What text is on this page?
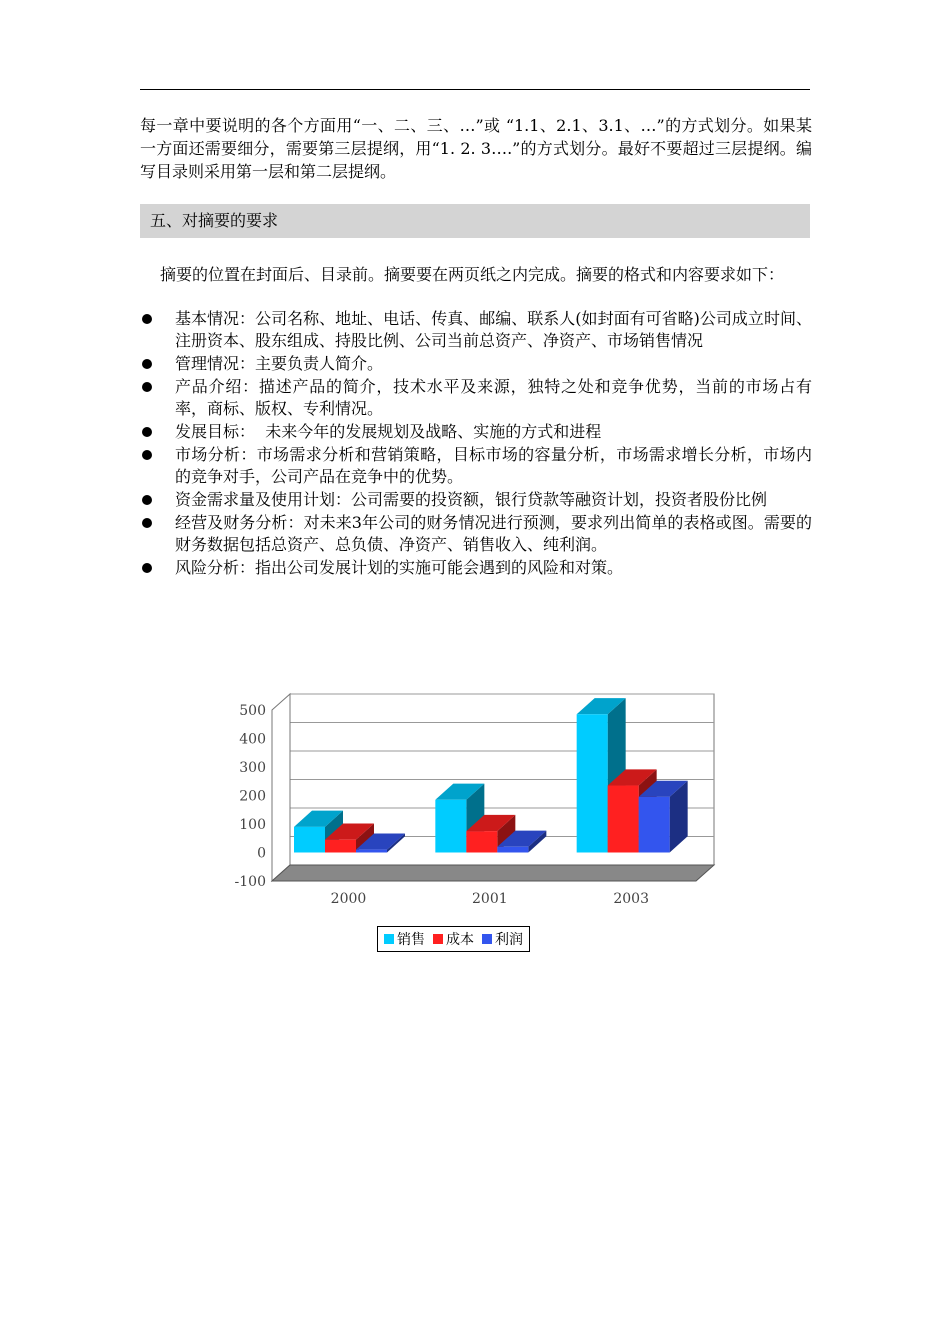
每一章中要说明的各个方面用“一、二、三、…”或 “1.1、2.1、3.1、…”的方式划分。如果某一方面还需要细分，需要第三层提纲，用“1. 2. 3….”的方式划分。最好不要超过三层提纲。编写目录则采用第一层和第二层提纲。
五、对摘要的要求
摘要的位置在封面后、目录前。摘要要在两页纸之内完成。摘要的格式和内容要求如下：
基本情况：公司名称、地址、电话、传真、邮编、联系人(如封面有可省略)公司成立时间、注册资本、股东组成、持股比例、公司当前总资产、净资产、市场销售情况
管理情况：主要负责人简介。
产品介绍：描述产品的简介，技术水平及来源，独特之处和竞争优势，当前的市场占有率，商标、版权、专利情况。
发展目标：  未来今年的发展规划及战略、实施的方式和进程
市场分析：市场需求分析和营销策略，目标市场的容量分析，市场需求增长分析，市场内的竞争对手，公司产品在竞争中的优势。
资金需求量及使用计划：公司需要的投资额，银行贷款等融资计划，投资者股份比例
经营及财务分析：对未来3年公司的财务情况进行预测，要求列出简单的表格或图。需要的财务数据包括总资产、总负债、净资产、销售收入、纯利润。
风险分析：指出公司发展计划的实施可能会遇到的风险和对策。
-100
0
100
200
300
400
500
2000	2001	2003
销售 成本 利润
